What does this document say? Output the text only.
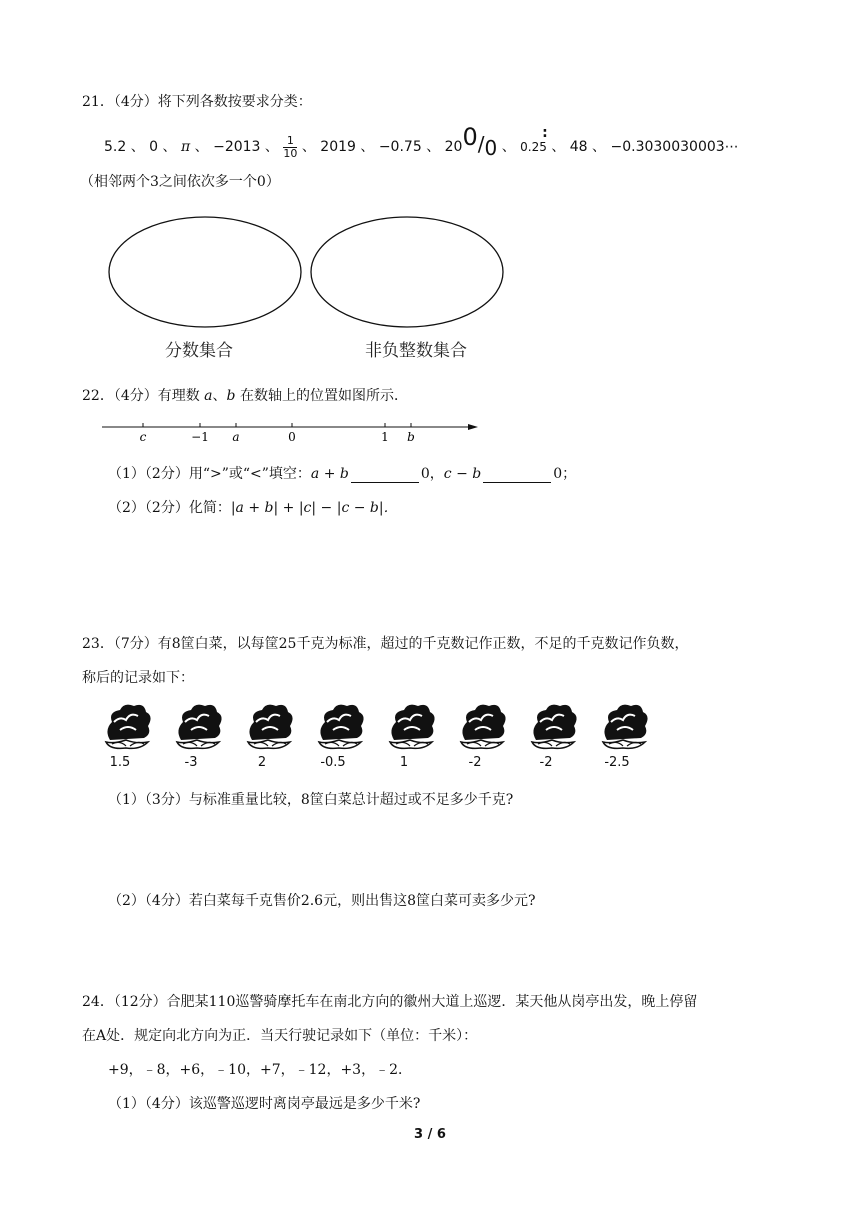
21．（4分）将下列各数按要求分类：
5.2 、 0 、 π 、 −2013 、 $\frac{1}{10}$ 、 2019 、 −0.75 、 200/0 、
:
0.25 、 48 、 −0.3030030003⋯
（相邻两个3之间依次多一个0）
分数集合	非负整数集合
22．（4分）有理数 a、b 在数轴上的位置如图所示．
c	−1 a	0	1 b
（1）（2分）用“>”或“<”填空：a + b	0，c − b	0；
（2）（2分）化简：|a + b| + |c| − |c − b|．
23．（7分）有8筐白菜，以每筐25千克为标准，超过的千克数记作正数，不足的千克数记作负数，
称后的记录如下：
1.5	-3	2	-0.5	1	-2	-2	-2.5
（1）（3分）与标准重量比较，8筐白菜总计超过或不足多少千克?
（2）（4分）若白菜每千克售价2.6元，则出售这8筐白菜可卖多少元?
24．（12分）合肥某110巡警骑摩托车在南北方向的徽州大道上巡逻．某天他从岗亭出发，晚上停留
在A处．规定向北方向为正．当天行驶记录如下（单位：千米）：
+9，﹣8，+6，﹣10，+7，﹣12，+3，﹣2．
（1）（4分）该巡警巡逻时离岗亭最远是多少千米?
3 / 6
